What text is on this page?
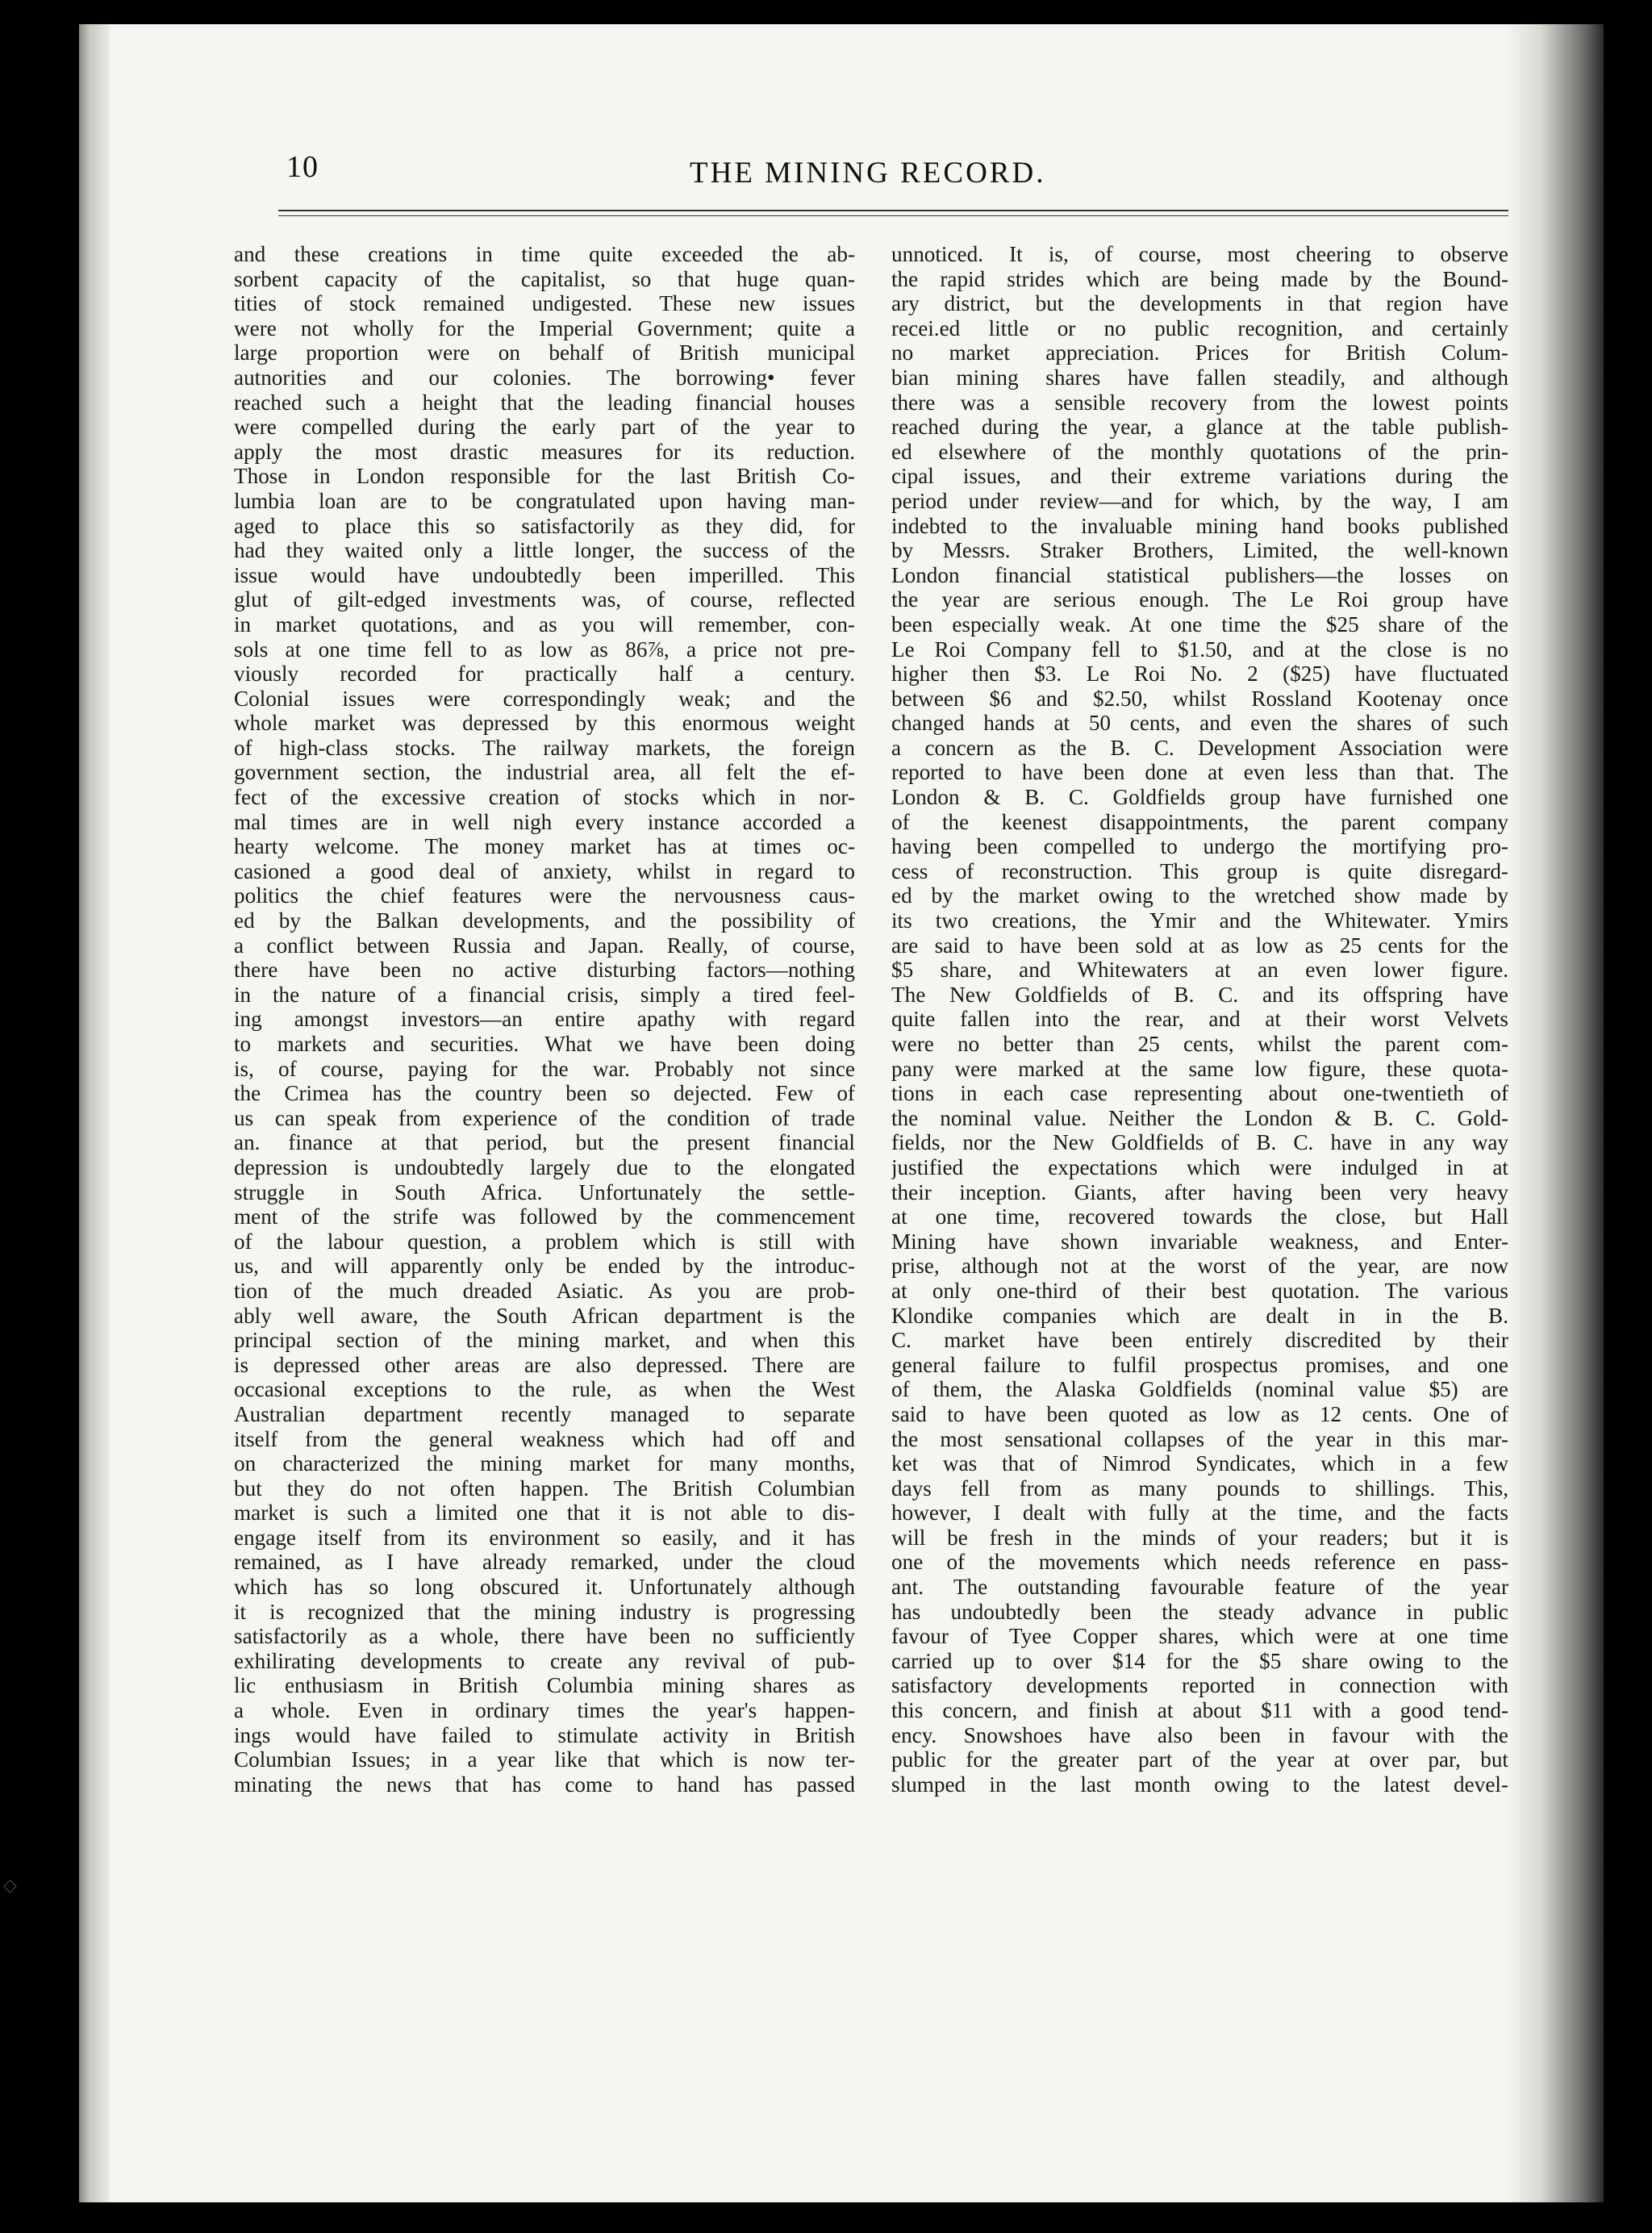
◇
10	THE MINING RECORD.

and these creations in time quite exceeded the ab-

sorbent capacity of the capitalist, so that huge quan-

tities of stock remained undigested. These new issues

were not wholly for the Imperial Government; quite a

large proportion were on behalf of British municipal

autnorities and our colonies. The borrowing• fever

reached such a height that the leading financial houses

were compelled during the early part of the year to

apply the most drastic measures for its reduction.

Those in London responsible for the last British Co-

lumbia loan are to be congratulated upon having man-

aged to place this so satisfactorily as they did, for

had they waited only a little longer, the success of the

issue would have undoubtedly been imperilled. This

glut of gilt-edged investments was, of course, reflected

in market quotations, and as you will remember, con-

sols at one time fell to as low as 86⅞, a price not pre-

viously recorded for practically half a century.

Colonial issues were correspondingly weak; and the

whole market was depressed by this enormous weight

of high-class stocks. The railway markets, the foreign

government section, the industrial area, all felt the ef-

fect of the excessive creation of stocks which in nor-

mal times are in well nigh every instance accorded a

hearty welcome. The money market has at times oc-

casioned a good deal of anxiety, whilst in regard to

politics the chief features were the nervousness caus-

ed by the Balkan developments, and the possibility of

a conflict between Russia and Japan. Really, of course,

there have been no active disturbing factors—nothing

in the nature of a financial crisis, simply a tired feel-

ing amongst investors—an entire apathy with regard

to markets and securities. What we have been doing

is, of course, paying for the war. Probably not since

the Crimea has the country been so dejected. Few of

us can speak from experience of the condition of trade

an. finance at that period, but the present financial

depression is undoubtedly largely due to the elongated

struggle in South Africa. Unfortunately the settle-

ment of the strife was followed by the commencement

of the labour question, a problem which is still with

us, and will apparently only be ended by the introduc-

tion of the much dreaded Asiatic. As you are prob-

ably well aware, the South African department is the

principal section of the mining market, and when this

is depressed other areas are also depressed. There are

occasional exceptions to the rule, as when the West

Australian department recently managed to separate

itself from the general weakness which had off and

on characterized the mining market for many months,

but they do not often happen. The British Columbian

market is such a limited one that it is not able to dis-

engage itself from its environment so easily, and it has

remained, as I have already remarked, under the cloud

which has so long obscured it. Unfortunately although

it is recognized that the mining industry is progressing

satisfactorily as a whole, there have been no sufficiently

exhilirating developments to create any revival of pub-

lic enthusiasm in British Columbia mining shares as

a whole. Even in ordinary times the year's happen-

ings would have failed to stimulate activity in British

Columbian Issues; in a year like that which is now ter-

minating the news that has come to hand has passed

unnoticed. It is, of course, most cheering to observe

the rapid strides which are being made by the Bound-

ary district, but the developments in that region have

recei.ed little or no public recognition, and certainly

no market appreciation. Prices for British Colum-

bian mining shares have fallen steadily, and although

there was a sensible recovery from the lowest points

reached during the year, a glance at the table publish-

ed elsewhere of the monthly quotations of the prin-

cipal issues, and their extreme variations during the

period under review—and for which, by the way, I am

indebted to the invaluable mining hand books published

by Messrs. Straker Brothers, Limited, the well-known

London financial statistical publishers—the losses on

the year are serious enough. The Le Roi group have

been especially weak. At one time the $25 share of the

Le Roi Company fell to $1.50, and at the close is no

higher then $3. Le Roi No. 2 ($25) have fluctuated

between $6 and $2.50, whilst Rossland Kootenay once

changed hands at 50 cents, and even the shares of such

a concern as the B. C. Development Association were

reported to have been done at even less than that. The

London & B. C. Goldfields group have furnished one

of the keenest disappointments, the parent company

having been compelled to undergo the mortifying pro-

cess of reconstruction. This group is quite disregard-

ed by the market owing to the wretched show made by

its two creations, the Ymir and the Whitewater. Ymirs

are said to have been sold at as low as 25 cents for the

$5 share, and Whitewaters at an even lower figure.

The New Goldfields of B. C. and its offspring have

quite fallen into the rear, and at their worst Velvets

were no better than 25 cents, whilst the parent com-

pany were marked at the same low figure, these quota-

tions in each case representing about one-twentieth of

the nominal value. Neither the London & B. C. Gold-

fields, nor the New Goldfields of B. C. have in any way

justified the expectations which were indulged in at

their inception. Giants, after having been very heavy

at one time, recovered towards the close, but Hall

Mining have shown invariable weakness, and Enter-

prise, although not at the worst of the year, are now

at only one-third of their best quotation. The various

Klondike companies which are dealt in in the B.

C. market have been entirely discredited by their

general failure to fulfil prospectus promises, and one

of them, the Alaska Goldfields (nominal value $5) are

said to have been quoted as low as 12 cents. One of

the most sensational collapses of the year in this mar-

ket was that of Nimrod Syndicates, which in a few

days fell from as many pounds to shillings. This,

however, I dealt with fully at the time, and the facts

will be fresh in the minds of your readers; but it is

one of the movements which needs reference en pass-

ant. The outstanding favourable feature of the year

has undoubtedly been the steady advance in public

favour of Tyee Copper shares, which were at one time

carried up to over $14 for the $5 share owing to the

satisfactory developments reported in connection with

this concern, and finish at about $11 with a good tend-

ency. Snowshoes have also been in favour with the

public for the greater part of the year at over par, but

slumped in the last month owing to the latest devel-
